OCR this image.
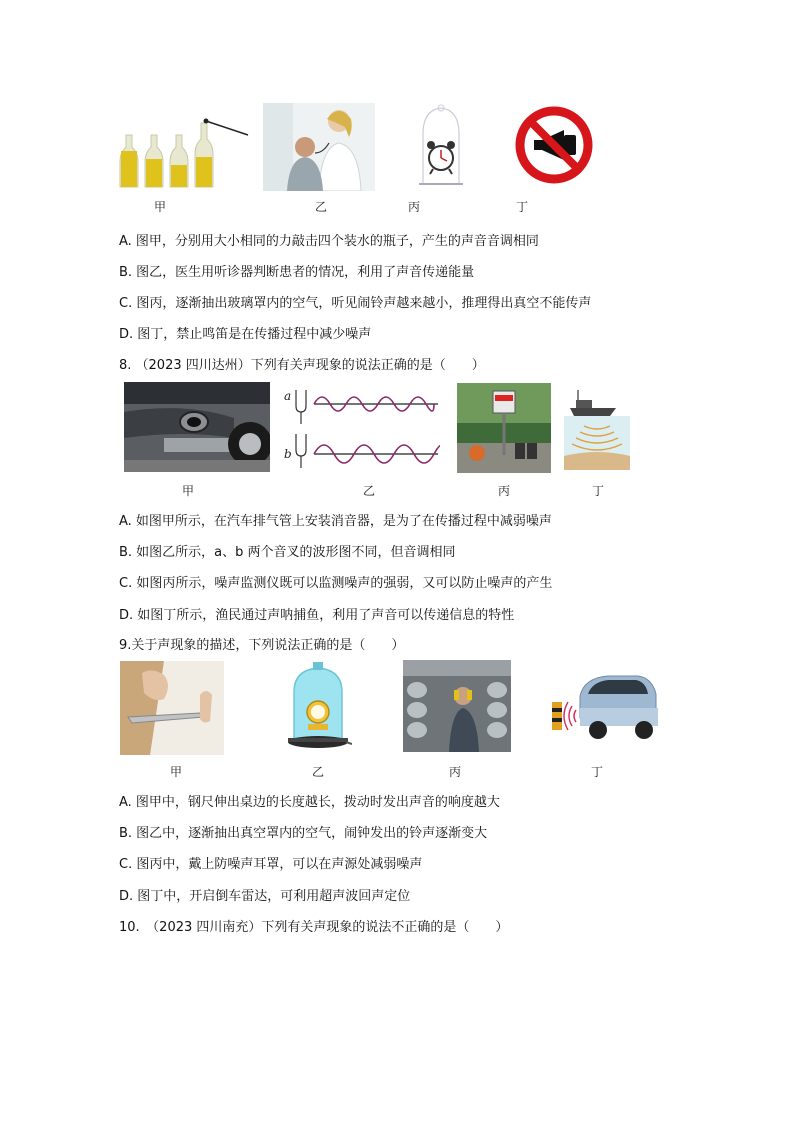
甲	乙	丙	丁
A. 图甲，分别用大小相同的力敲击四个装水的瓶子，产生的声音音调相同
B. 图乙，医生用听诊器判断患者的情况，利用了声音传递能量
C. 图丙，逐渐抽出玻璃罩内的空气，听见闹铃声越来越小，推理得出真空不能传声
D. 图丁，禁止鸣笛是在传播过程中减少噪声
8. （2023 四川达州）下列有关声现象的说法正确的是（　　）
a
b
甲	乙	丙	丁
A. 如图甲所示，在汽车排气管上安装消音器，是为了在传播过程中减弱噪声
B. 如图乙所示，a、b 两个音叉的波形图不同，但音调相同
C. 如图丙所示，噪声监测仪既可以监测噪声的强弱，又可以防止噪声的产生
D. 如图丁所示，渔民通过声呐捕鱼，利用了声音可以传递信息的特性
9.关于声现象的描述，下列说法正确的是（　　）
甲	乙	丙	丁
A. 图甲中，钢尺伸出桌边的长度越长，拨动时发出声音的响度越大
B. 图乙中，逐渐抽出真空罩内的空气，闹钟发出的铃声逐渐变大
C. 图丙中，戴上防噪声耳罩，可以在声源处减弱噪声
D. 图丁中，开启倒车雷达，可利用超声波回声定位
10.　（2023 四川南充）下列有关声现象的说法不正确的是（　　）
